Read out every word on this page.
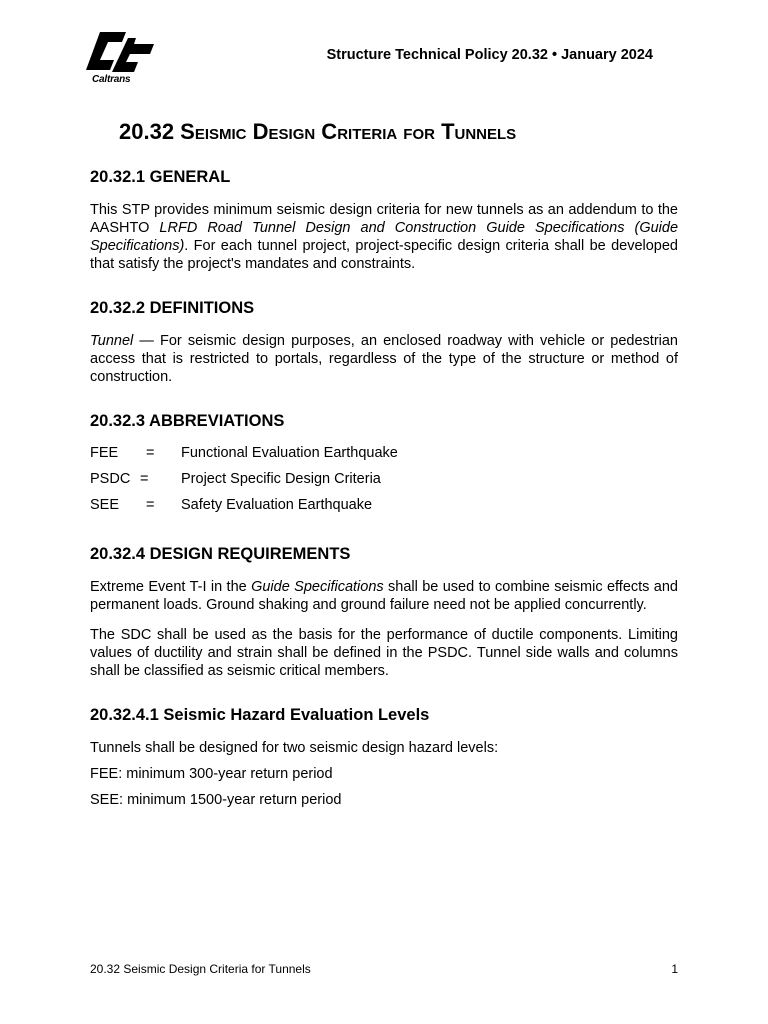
Caltrans
Structure Technical Policy 20.32 • January 2024
20.32 Seismic Design Criteria for Tunnels
20.32.1 GENERAL

This STP provides minimum seismic design criteria for new tunnels as an addendum to the AASHTO LRFD Road Tunnel Design and Construction Guide Specifications (Guide Specifications). For each tunnel project, project-specific design criteria shall be developed that satisfy the project's mandates and constraints.

20.32.2 DEFINITIONS

Tunnel — For seismic design purposes, an enclosed roadway with vehicle or pedestrian access that is restricted to portals, regardless of the type of the structure or method of construction.

20.32.3 ABBREVIATIONS
FEE	=	Functional Evaluation Earthquake
PSDC =	Project Specific Design Criteria
SEE	=	Safety Evaluation Earthquake
20.32.4 DESIGN REQUIREMENTS

Extreme Event T-I in the Guide Specifications shall be used to combine seismic effects and permanent loads. Ground shaking and ground failure need not be applied concurrently.

The SDC shall be used as the basis for the performance of ductile components. Limiting values of ductility and strain shall be defined in the PSDC. Tunnel side walls and columns shall be classified as seismic critical members.

20.32.4.1 Seismic Hazard Evaluation Levels
Tunnels shall be designed for two seismic design hazard levels:
FEE: minimum 300-year return period
SEE: minimum 1500-year return period
20.32 Seismic Design Criteria for Tunnels	1
